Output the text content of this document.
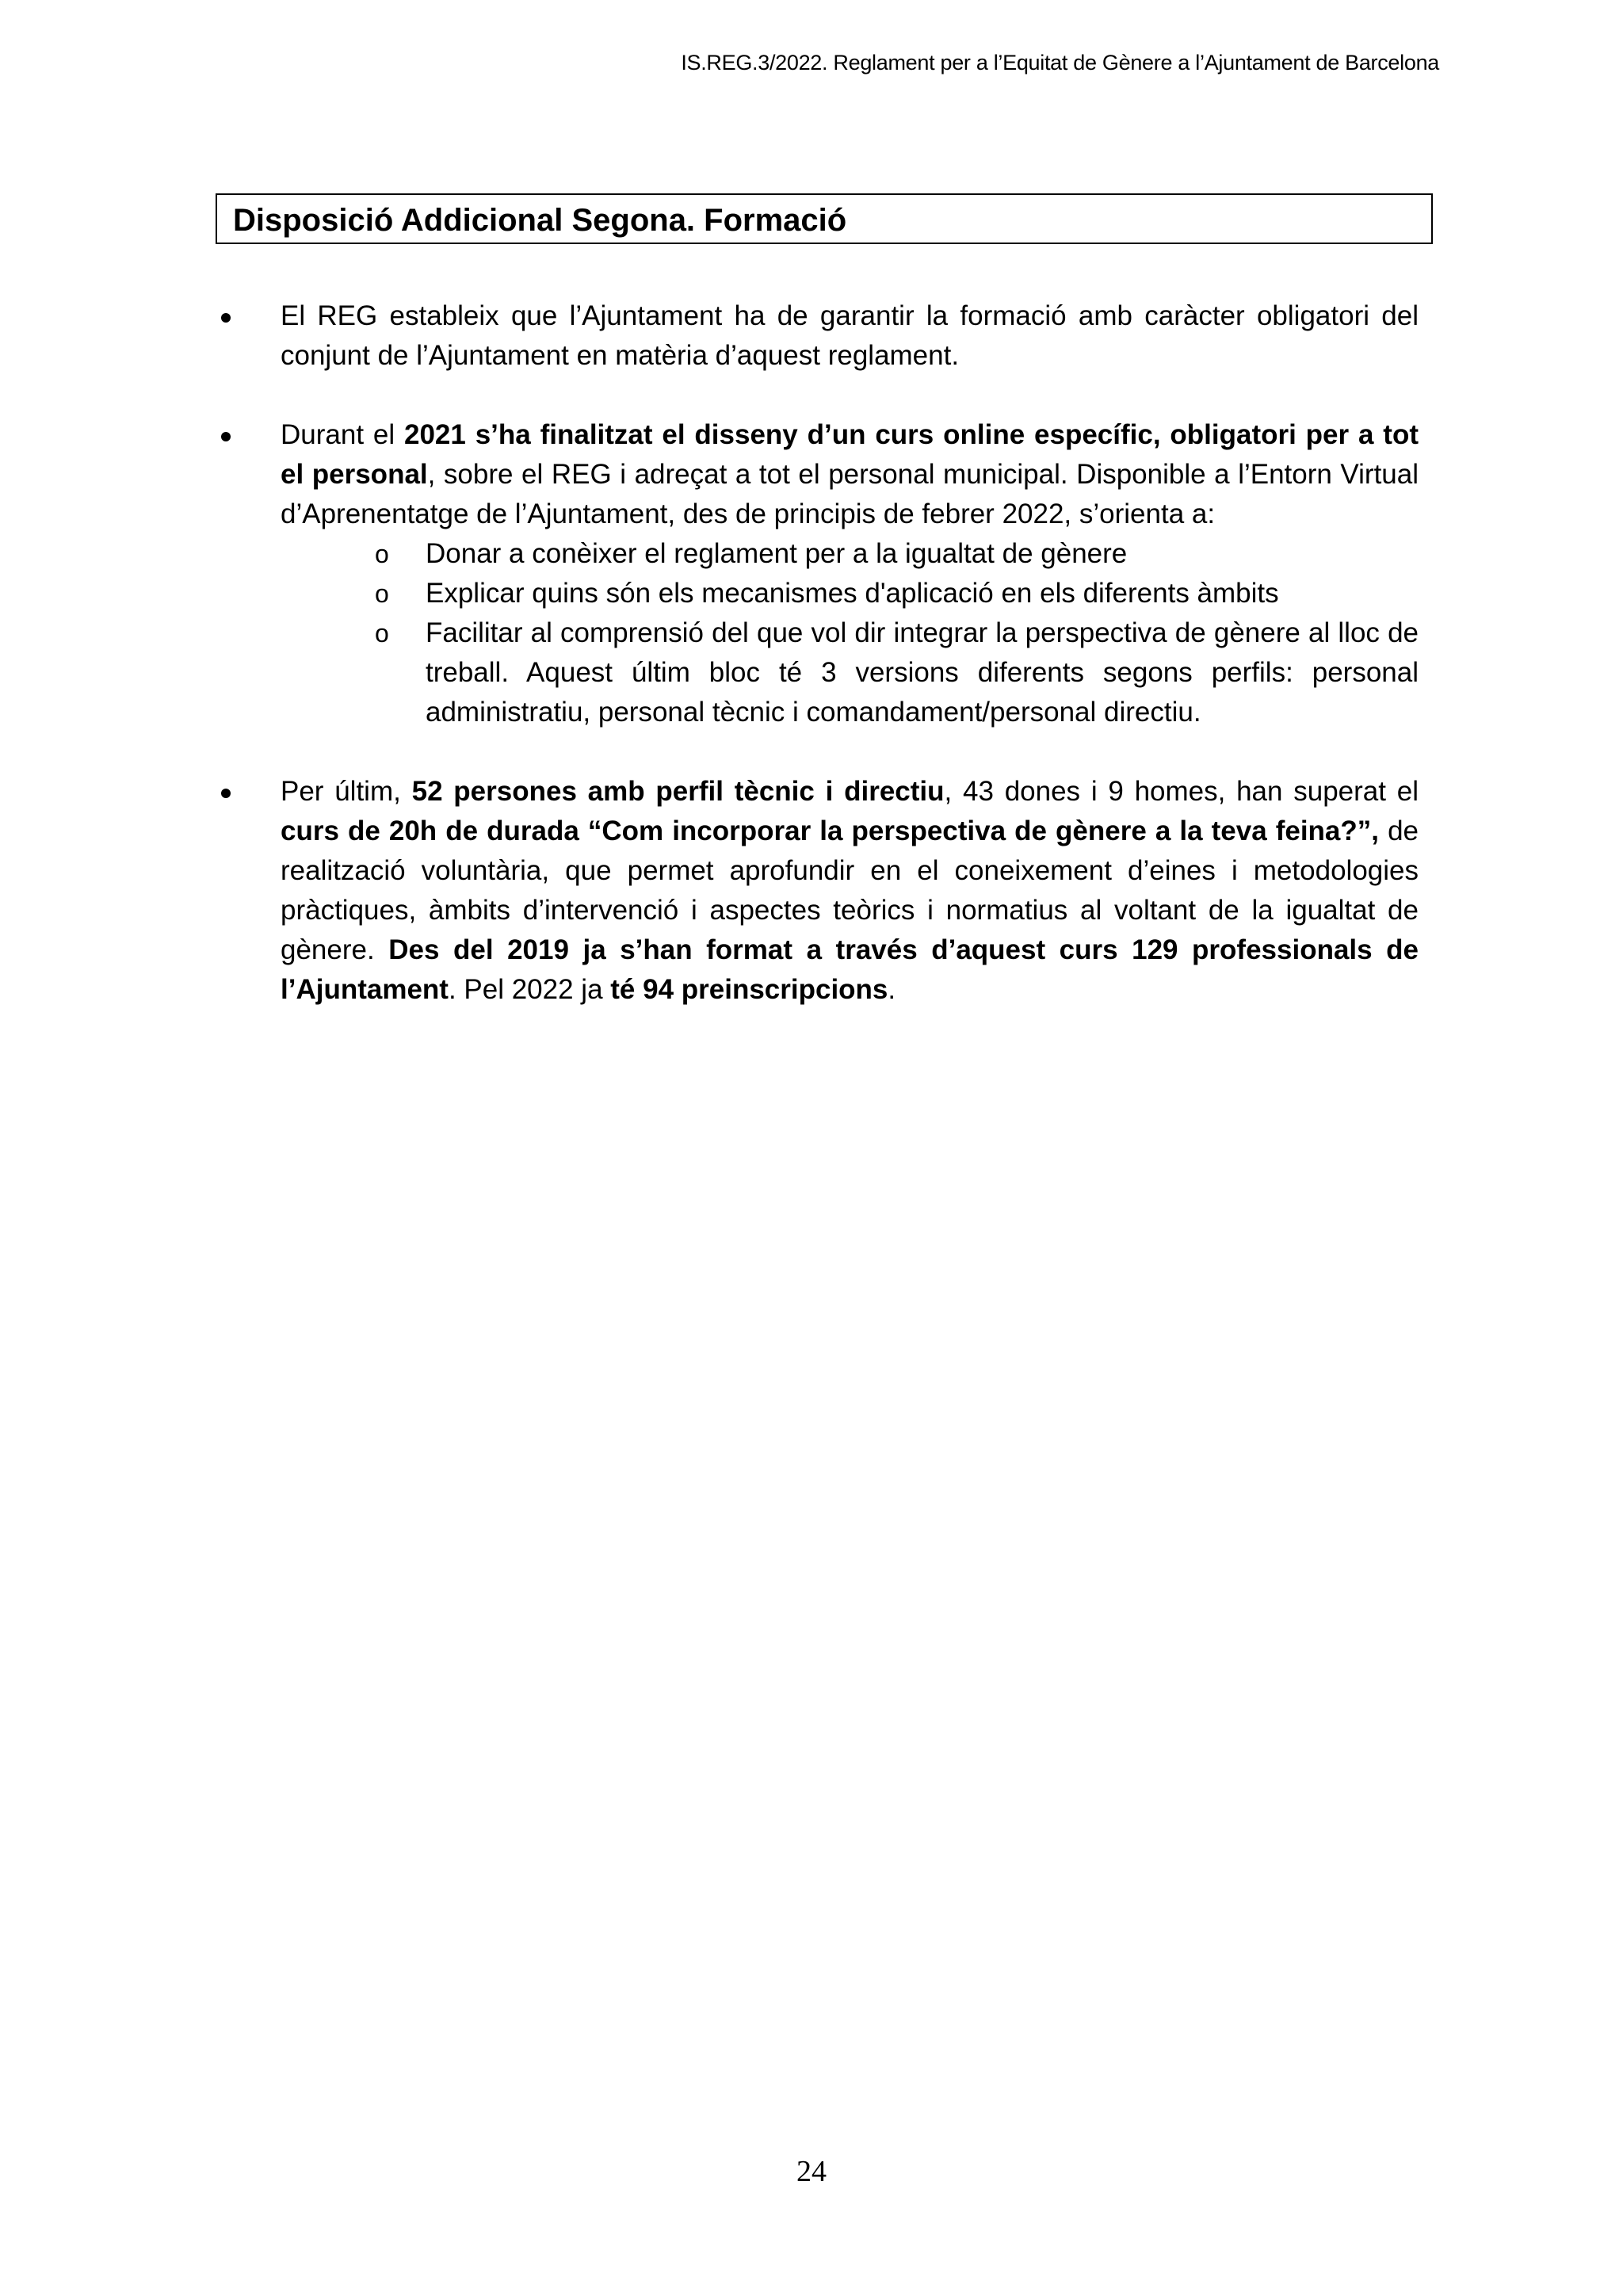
IS.REG.3/2022. Reglament per a l’Equitat de Gènere a l’Ajuntament de Barcelona
Disposició Addicional Segona. Formació
El REG estableix que l’Ajuntament ha de garantir la formació amb caràcter obligatori del conjunt de l’Ajuntament en matèria d’aquest reglament.
Durant el 2021 s’ha finalitzat el disseny d’un curs online específic, obligatori per a tot el personal, sobre el REG i adreçat a tot el personal municipal. Disponible a l’Entorn Virtual d’Aprenentatge de l’Ajuntament, des de principis de febrer 2022, s’orienta a:
o Donar a conèixer el reglament per a la igualtat de gènere
o Explicar quins són els mecanismes d'aplicació en els diferents àmbits
o Facilitar al comprensió del que vol dir integrar la perspectiva de gènere al lloc de treball. Aquest últim bloc té 3 versions diferents segons perfils: personal administratiu, personal tècnic i comandament/personal directiu.
Per últim, 52 persones amb perfil tècnic i directiu, 43 dones i 9 homes, han superat el curs de 20h de durada “Com incorporar la perspectiva de gènere a la teva feina?”, de realització voluntària, que permet aprofundir en el coneixement d’eines i metodologies pràctiques, àmbits d’intervenció i aspectes teòrics i normatius al voltant de la igualtat de gènere. Des del 2019 ja s’han format a través d’aquest curs 129 professionals de l’Ajuntament. Pel 2022 ja té 94 preinscripcions.
24
